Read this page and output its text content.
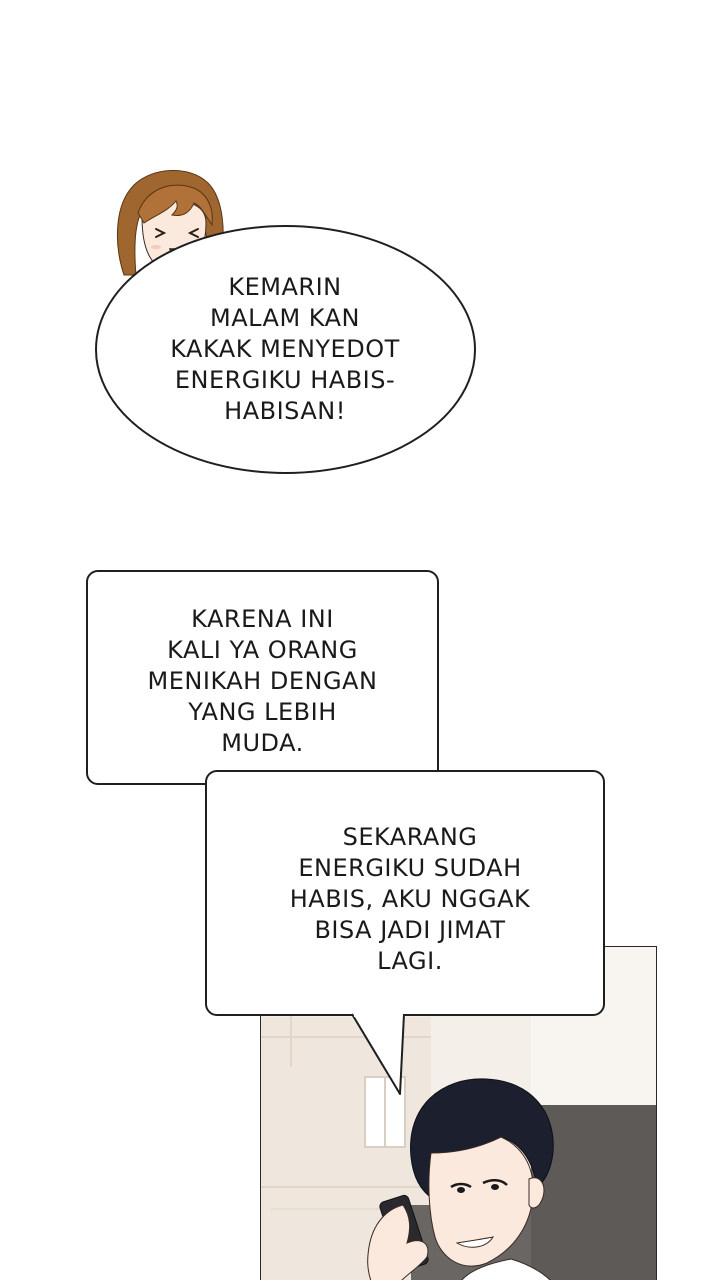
KEMARIN
MALAM KAN
KAKAK MENYEDOT
ENERGIKU HABIS-
HABISAN!
KARENA INI
KALI YA ORANG
MENIKAH DENGAN
YANG LEBIH
MUDA.
SEKARANG
ENERGIKU SUDAH
HABIS, AKU NGGAK
BISA JADI JIMAT
LAGI.
